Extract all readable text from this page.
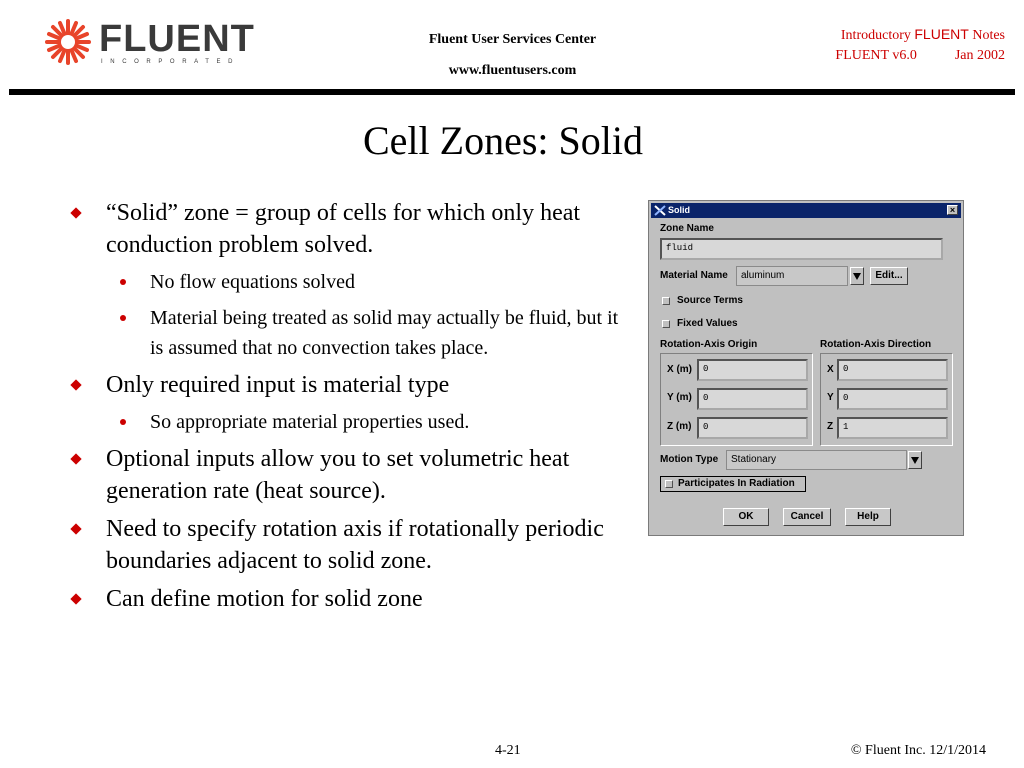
FLUENT
INCORPORATED
Fluent User Services Center
www.fluentusers.com
Introductory FLUENT Notes
FLUENT v6.0	Jan 2002
Cell Zones: Solid
“Solid” zone = group of cells for which only heat conduction problem solved.
No flow equations solved
Material being treated as solid may actually be fluid, but it is assumed that no convection takes place.
Only required input is material type
So appropriate material properties used.
Optional inputs allow you to set volumetric heat generation rate (heat source).
Need to specify rotation axis if rotationally periodic boundaries adjacent to solid zone.
Can define motion for solid zone
Solid	×
Zone Name
fluid
Material Name	aluminum	Edit...
Source Terms
Fixed Values
Rotation-Axis Origin	Rotation-Axis Direction
X (m)	0
Y (m)	0
Z (m)	0
X	0
Y	0
Z	1
Motion Type	Stationary
Participates In Radiation
OK	Cancel	Help
4-21	© Fluent Inc. 12/1/2014
